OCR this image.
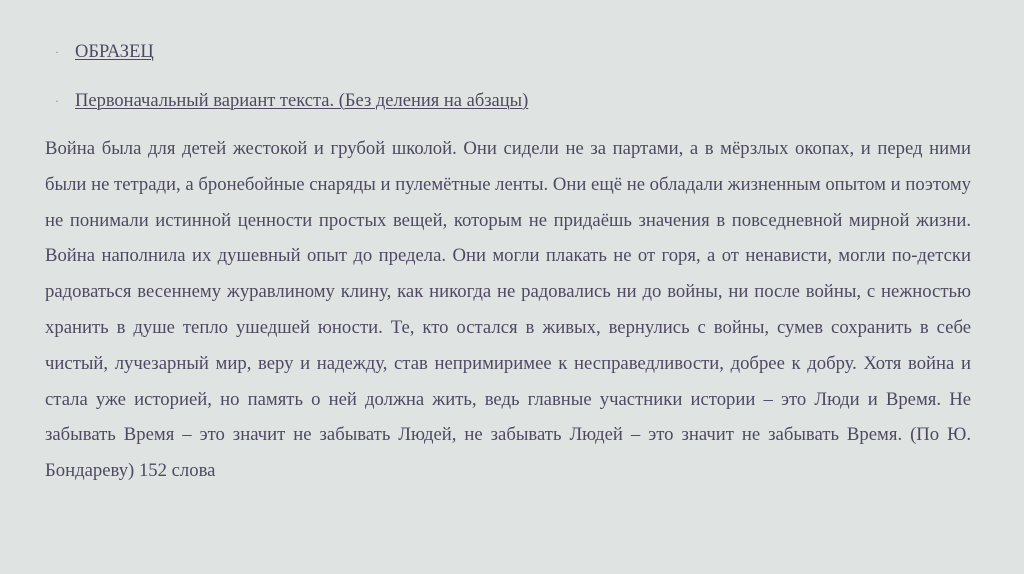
· ОБРАЗЕЦ
· Первоначальный вариант текста. (Без деления на абзацы)

Война была для детей жестокой и грубой школой. Они сидели не за партами, а в мёрзлых окопах, и перед ними были не тетради, а бронебойные снаряды и пулемётные ленты. Они ещё не обладали жизненным опытом и поэтому не понимали истинной ценности простых вещей, которым не придаёшь значения в повседневной мирной жизни. Война наполнила их душевный опыт до предела. Они могли плакать не от горя, а от ненависти, могли по-детски радоваться весеннему журавлиному клину, как никогда не радовались ни до войны, ни после войны, с нежностью хранить в душе тепло ушедшей юности. Те, кто остался в живых, вернулись с войны, сумев сохранить в себе чистый, лучезарный мир, веру и надежду, став непримиримее к несправедливости, добрее к добру. Хотя война и стала уже историей, но память о ней должна жить, ведь главные участники истории – это Люди и Время. Не забывать Время – это значит не забывать Людей, не забывать Людей – это значит не забывать Время. (По Ю. Бондареву) 152 слова
